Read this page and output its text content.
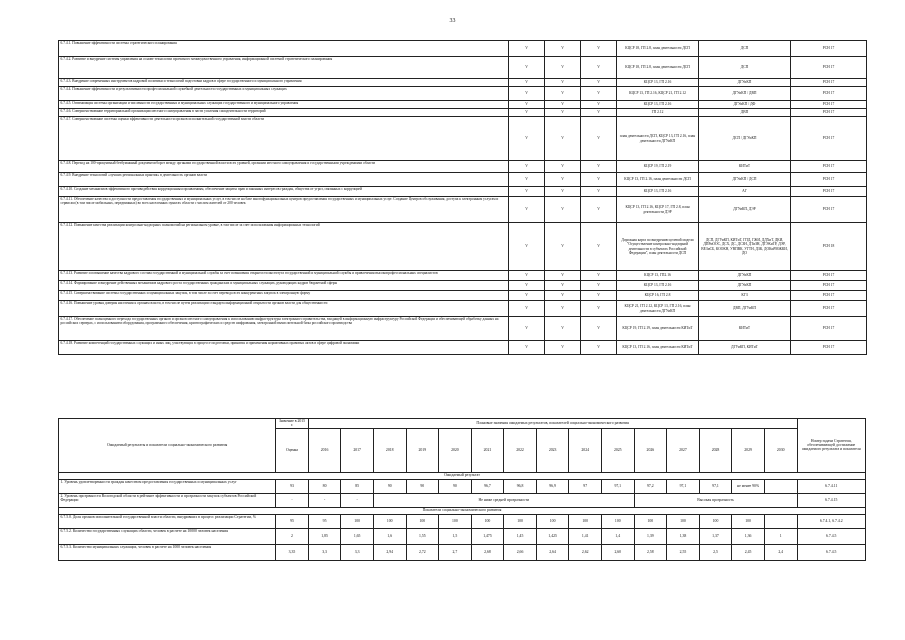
33
6.7.4.1. Повышение эффективности системы стратегического планирования	V	V	V	КЦСР 18, ГП 2.8, план деятельности ДСП	ДСП	РСН 17
6.7.4.2. Развитие и внедрение системы управления на основе технологии проектного межведомственного управления, информационной системой стратегического планирования	V	V	V	КЦСР 18, ГП 2.8, план деятельности ДСП	ДСП	РСН 17
6.7.4.3. Внедрение современных инструментов кадровой политики и технологий подготовки кадров в сфере государственного и муниципального управления	V	V	V	КЦСР 13, ГП 2.16	ДГУиКП	РСН 17
6.7.4.4. Повышение эффективности и результативности профессиональной служебной деятельности государственных и муниципальных служащих	V	V	V	КЦСР 13, ГП 2.16, КЦСР 21, ГП 2.12	ДГУиКП / ДВП	РСН 17
6.7.4.5. Оптимизация системы организации и численности государственных и муниципальных служащих государственного и муниципального управления	V	V	V	КЦСР 13, ГП 2.16	ДГУиКП / ДФ	РСН 17
6.7.4.6. Совершенствование территориальной организации местного самоуправления в части усиления самодеятельности территорий	V	V	V	ГП 2.12	ДВП	РСН 17
6.7.4.7. Совершенствование системы оценки эффективности деятельности органов исполнительной государственной власти области	V	V	V	план деятельности ДСП, КЦСР 13, ГП 2.16, план деятельности ДГУиКП	ДСП / ДГУиКП	РСН 17
6.7.4.8. Переход на 100-процентный безбумажный документооборот между органами государственной власти всех уровней, органами местного самоуправления и государственными учреждениями области	V	V	V	КЦСР 19, ГП 2.19	КИТиТ	РСН 17
6.7.4.9. Внедрение технологий «лучших региональных практик» в деятельность органов власти	V	V	V	КЦСР 13, ГП 2.16, план деятельности ДСП	ДГУиКП / ДСП	РСН 17
6.7.4.10. Создание механизмов эффективного противодействия коррупционным проявлениям, обеспечение защиты прав и законных интересов граждан, общества от угроз, связанных с коррупцией	V	V	V	КЦСР 13, ГП 2.16	АГ	РСН 17
6.7.4.11. Обеспечение качества и доступности предоставления государственных и муниципальных услуг, в том числе на базе многофункциональных центров предоставления государственных и муниципальных услуг. Создание Центров обслуживания, доступа к электронным услугам и сервисам (в том числе мобильных, передвижных) во всех населенных пунктах области с числом жителей от 200 человек	V	V	V	КЦСР 13, ГП 2.16, КЦСР 17, ГП 2.8, план деятельности ДЭР	ДГУиКП, ДЭР	РСН 17
6.7.4.12. Повышение качества реализации контрольно-надзорных полномочий на региональном уровне, в том числе за счет использования информационных технологий	V	V	V	Дорожная карта по внедрению целевой модели "Осуществление контрольно-надзорной деятельности в субъектах Российской Федерации", план деятельности ДСП	ДСП, ДГУиКП, КИТиТ, ГПД, ГЖИ, ДДХиТ, ДКИ, ДПРиООС, ДСХ, ДС, ДСЗН, ДТиЗН, ДТЭКиТР, ДЭР, ВЕЗиСБ, КООКН, УВПВК, УГТН, ДЗК, ДОКиРМЖКИ, ДО	РСН 18
6.7.4.13. Развитие и повышение качества кадрового состава государственной и муниципальной службы за счет повышения открытости института государственной и муниципальной службы и привлечения высокопрофессиональных специалистов	V	V	V	КЦСР 13, ГП2.16	ДГУиКП	РСН 17
6.7.4.14. Формирование и внедрение действенных механизмов кадрового роста государственных гражданских и муниципальных служащих, руководящих кадров бюджетной сферы	V	V	V	КЦСР 13, ГП 2.16	ДГУиКП	РСН 17
6.7.4.15. Совершенствование системы государственных и муниципальных закупок, в том числе за счет перевода всех конкурентных закупок в электронную форму	V	V	V	КЦСР 16, ГП 2.8	КГЗ	РСН 17
6.7.4.16. Повышение уровня доверия населения к органам власти, в том числе путем реализации стандарта информационной открытости органов власти для общественности	V	V	V	КЦСР 21, ГП 2.12, КЦСР 13, ГП 2.16, план деятельности ДГУиКП	ДВП, ДГУиКП	РСН 17
6.7.4.17. Обеспечение полноценного перехода государственных органов и органов местного самоуправления к использованию инфраструктуры электронного правительства, входящей в информационную инфраструктуру Российской Федерации и обеспечивающей обработку данных на российских серверах, с использованием оборудования, программного обеспечения, криптографических и средств шифрования, электронной вычислительной базы российского производства	V	V	V	КЦСР 19, ГП 2.19, план деятельности КИТиТ	КИТиТ	РСН 17
6.7.4.18. Развитие компетенций государственных служащих и иных лиц, участвующих в процессе подготовки, принятия и применения нормативных правовых актов в сфере цифровой экономики	V	V	V	КЦСР 13, ГП 2.16, план деятельности КИТиТ	ДГУиКП, КИТиТ	РСН 17
Ожидаемый результаты и показатели социально-экономического развития	Значение в 2015 г.	Плановые значения ожидаемых результатов, показателей социально-экономического развития															Номер задачи Стратегии, обеспечивающей достижение ожидаемого результата и показателя
	Оценка	2016	2017	2018	2019	2020	2021	2022	2023	2024	2025	2026	2027	2028	2029	2030	
Ожидаемый результат																	
1. Уровень удовлетворенности граждан качеством предоставления государственных и муниципальных услуг	93	80	85	90	90	90	96,7	96,8	96,9	97	97,1	97,2	97,1	97,1	не менее 90%		6.7.4.11
2. Уровень прозрачности Вологодской области в рейтинге эффективности и прозрачности закупок субъектов Российской Федерации	-	-	-	Не ниже средней прозрачности								Высокая прозрачность					6.7.4.15
Показатели социально-экономического развития																	
6.7.5.0. Доля органов исполнительной государственной власти области, внедривших в процесс реализации Стратегии, %	95	95	100	100	100	100	100	100	100	100	100	100	100	100	100		6.7.4.1, 6.7.4.2
6.7.5.2. Количество государственных служащих области, человек в расчете на 10000 человек населения	2	1,85	1,65	1,6	1,55	1,5	1,475	1,45	1,425	1,41	1,4	1,39	1,38	1,37	1,36	1	6.7.4.5
6.7.5.3. Количество муниципальных служащих, человек в расчете на 1000 человек населения	3,35	3,3	3,3	2,94	2,72	2,7	2,68	2,66	2,64	2,62	2,60	2,58	2,55	2,5	2,45	2,4	6.7.4.5
